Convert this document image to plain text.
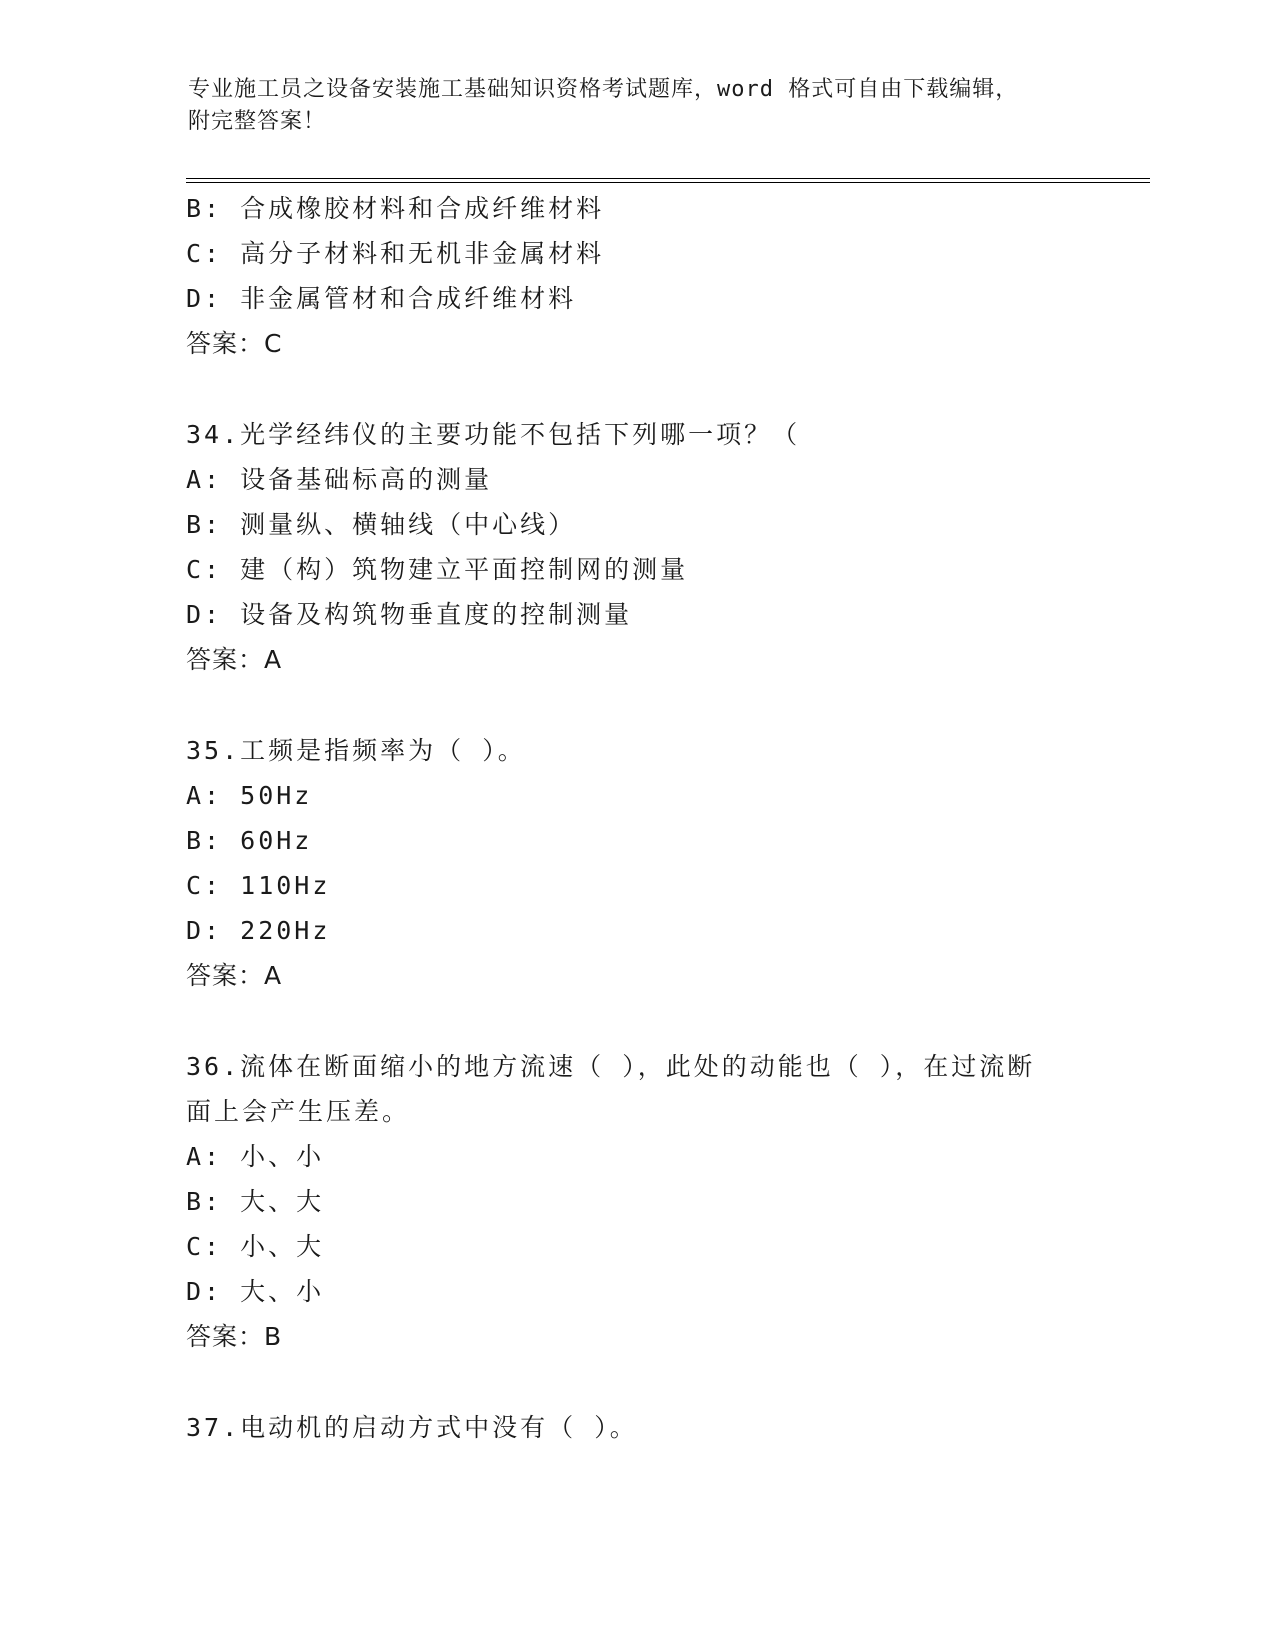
专业施工员之设备安装施工基础知识资格考试题库，word 格式可自由下载编辑，
附完整答案！
B: 合成橡胶材料和合成纤维材料
C: 高分子材料和无机非金属材料
D: 非金属管材和合成纤维材料
答案：C
34.光学经纬仪的主要功能不包括下列哪一项？（
A: 设备基础标高的测量
B: 测量纵、横轴线（中心线）
C: 建（构）筑物建立平面控制网的测量
D: 设备及构筑物垂直度的控制测量
答案：A
35.工频是指频率为（ ）。
A: 50Hz
B: 60Hz
C: 110Hz
D: 220Hz
答案：A
36.流体在断面缩小的地方流速（ ），此处的动能也（ ），在过流断
面上会产生压差。
A: 小、小
B: 大、大
C: 小、大
D: 大、小
答案：B
37.电动机的启动方式中没有（ ）。
